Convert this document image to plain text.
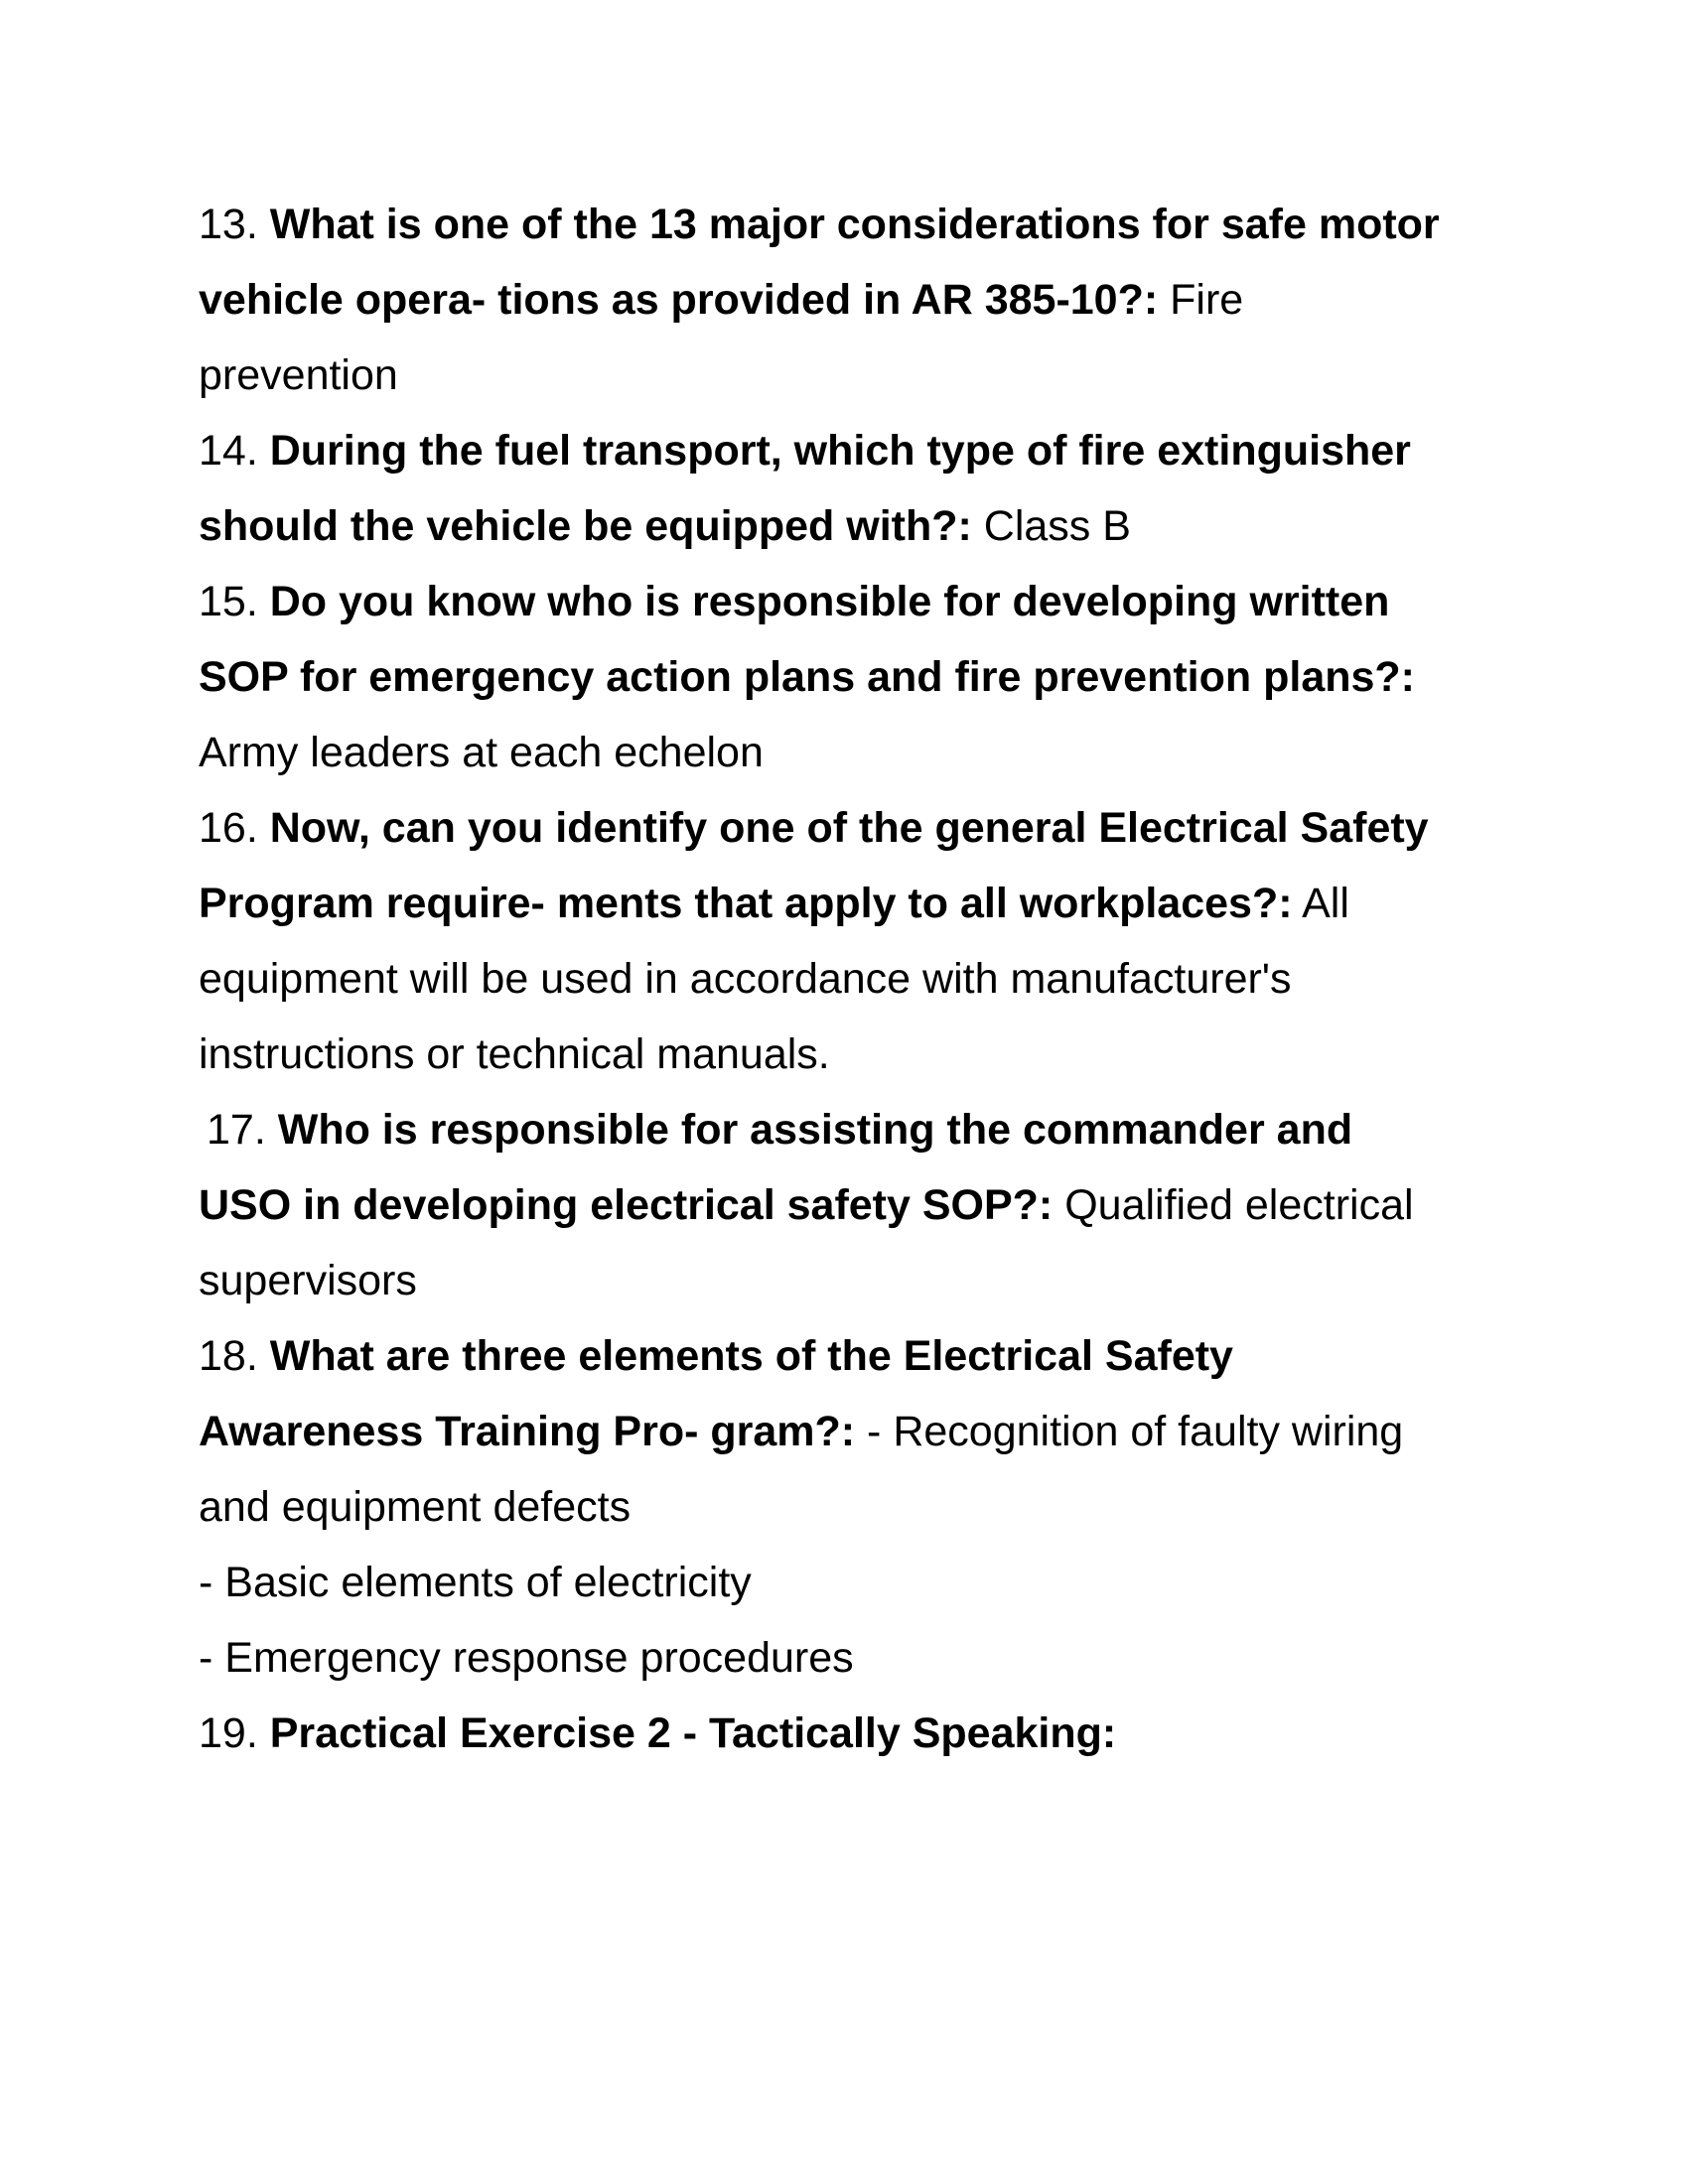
13. What is one of the 13 major considerations for safe motor
vehicle opera- tions as provided in AR 385-10?: Fire
prevention
14. During the fuel transport, which type of fire extinguisher
should the vehicle be equipped with?: Class B
15. Do you know who is responsible for developing written
SOP for emergency action plans and fire prevention plans?:
Army leaders at each echelon
16. Now, can you identify one of the general Electrical Safety
Program require- ments that apply to all workplaces?: All
equipment will be used in accordance with manufacturer's
instructions or technical manuals.
17. Who is responsible for assisting the commander and
USO in developing electrical safety SOP?: Qualified electrical
supervisors
18. What are three elements of the Electrical Safety
Awareness Training Pro- gram?: - Recognition of faulty wiring
and equipment defects
- Basic elements of electricity
- Emergency response procedures
19. Practical Exercise 2 - Tactically Speaking:
